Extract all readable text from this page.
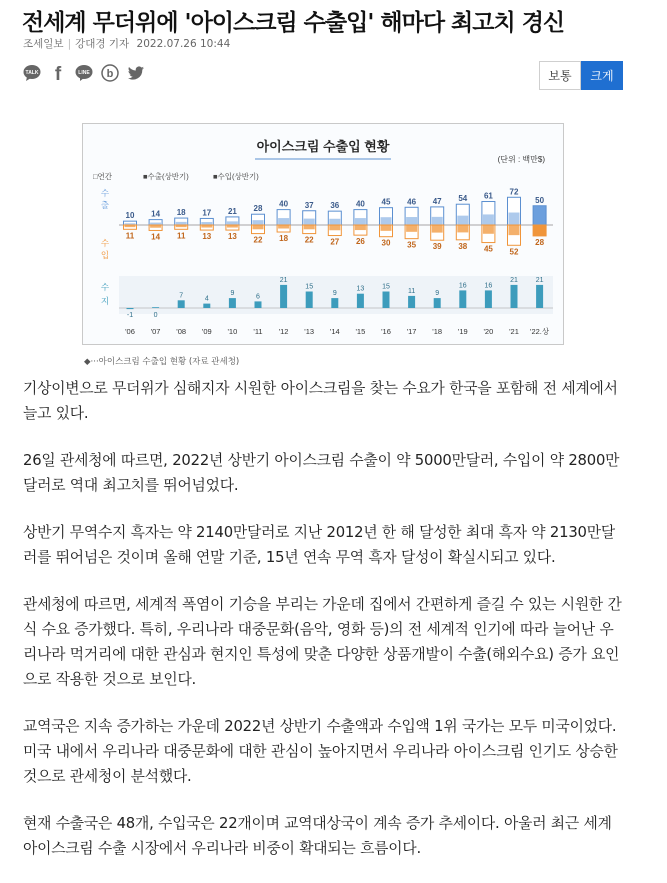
전세계 무더위에 '아이스크림 수출입' 해마다 최고치 경신
조세일보 | 강대경 기자 2022.07.26 10:44
TALK f	LINE b	보통	크게
아이스크림 수출입 현황
(단위 : 백만$)
□연간	■수출(상반기)	■수입(상반기)
수
출
수
입
수
지
10
11
-1
'06
14
14
0
'07
18
11
7
'08
17
13
4
'09
21
13
9
'10
28
22
6
'11
40
18
21
'12
37
22
15
'13
36
27
9
'14
40
26
13
'15
45
30
15
'16
46
35
11
'17
47
39
9
'18
54
38
16
'19
61
45
16
'20
72
52
21
'21
50
28
21
'22.상
◆···아이스크림 수출입 현황 (자료 관세청)

기상이변으로 무더위가 심해지자 시원한 아이스크림을 찾는 수요가 한국을 포함해 전 세계에서 늘고 있다.

26일 관세청에 따르면, 2022년 상반기 아이스크림 수출이 약 5000만달러, 수입이 약 2800만달러로 역대 최고치를 뛰어넘었다.

상반기 무역수지 흑자는 약 2140만달러로 지난 2012년 한 해 달성한 최대 흑자 약 2130만달러를 뛰어넘은 것이며 올해 연말 기준, 15년 연속 무역 흑자 달성이 확실시되고 있다.

관세청에 따르면, 세계적 폭염이 기승을 부리는 가운데 집에서 간편하게 즐길 수 있는 시원한 간식 수요 증가했다. 특히, 우리나라 대중문화(음악, 영화 등)의 전 세계적 인기에 따라 늘어난 우리나라 먹거리에 대한 관심과 현지인 특성에 맞춘 다양한 상품개발이 수출(해외수요) 증가 요인으로 작용한 것으로 보인다.

교역국은 지속 증가하는 가운데 2022년 상반기 수출액과 수입액 1위 국가는 모두 미국이었다. 미국 내에서 우리나라 대중문화에 대한 관심이 높아지면서 우리나라 아이스크림 인기도 상승한 것으로 관세청이 분석했다.

현재 수출국은 48개, 수입국은 22개이며 교역대상국이 계속 증가 추세이다. 아울러 최근 세계 아이스크림 수출 시장에서 우리나라 비중이 확대되는 흐름이다.
